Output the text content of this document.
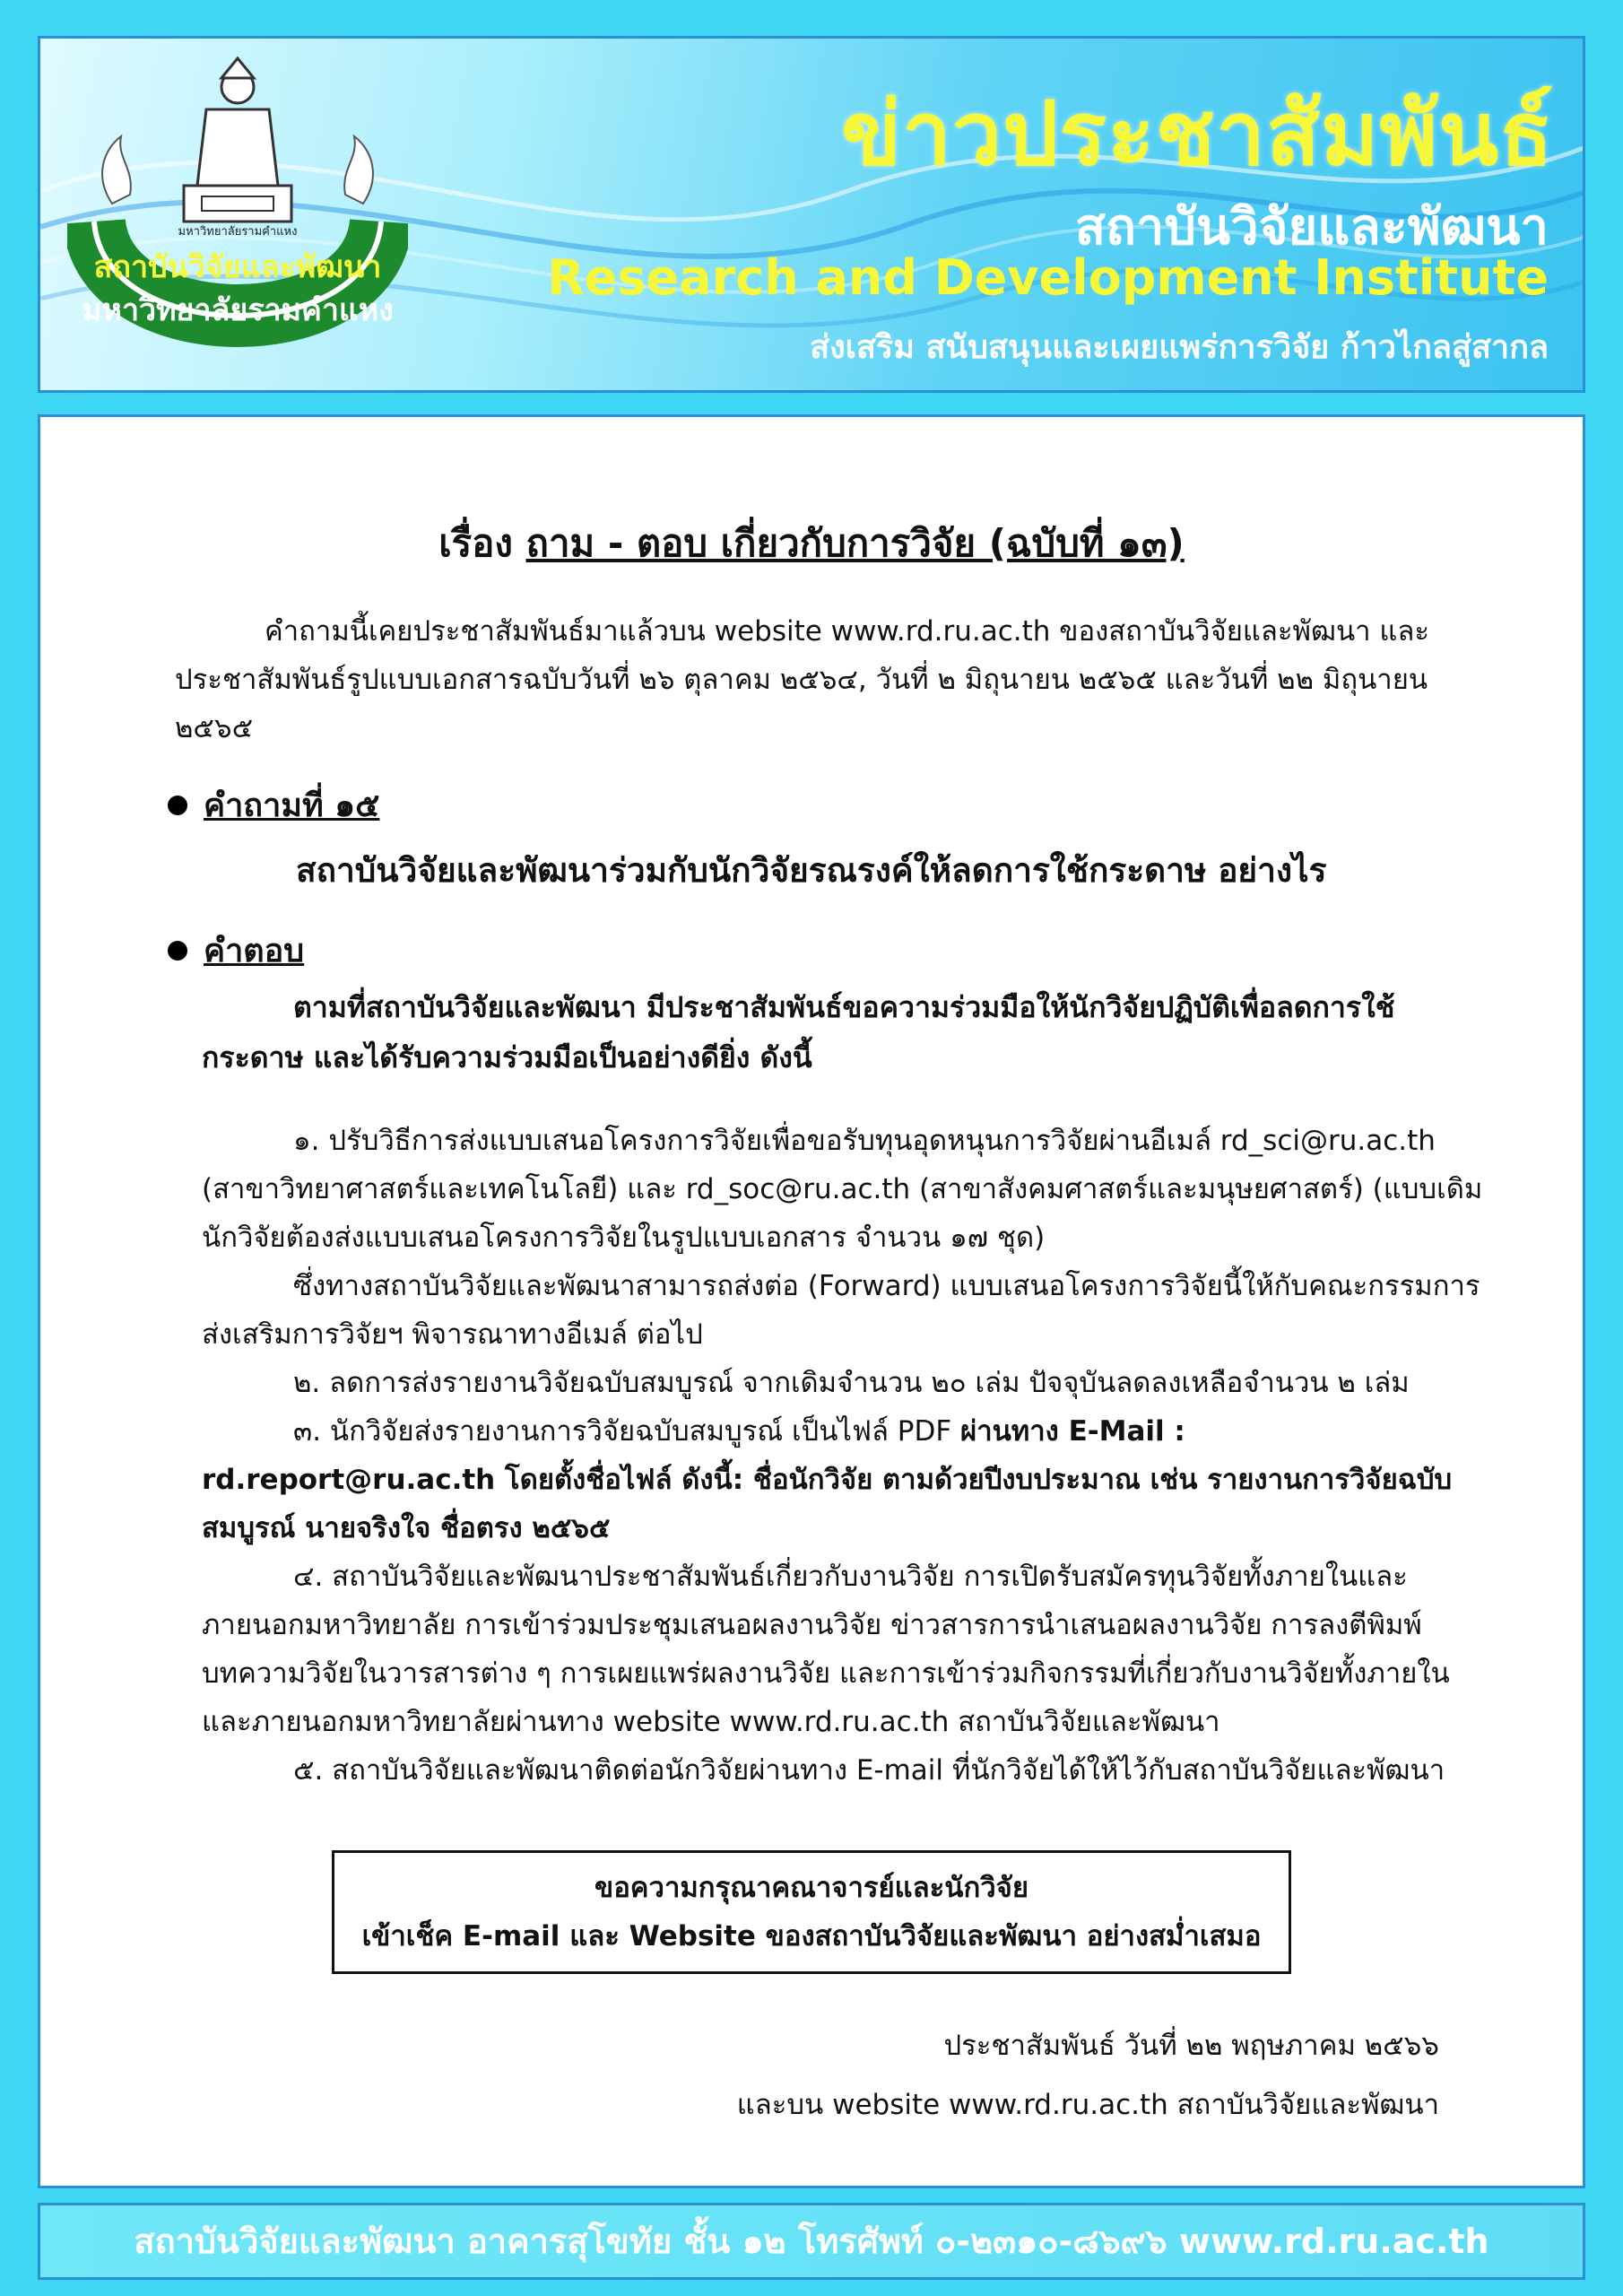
มหาวิทยาลัยรามคำแหง
สถาบันวิจัยและพัฒนา
มหาวิทยาลัยรามคำแหง
ข่าวประชาสัมพันธ์
สถาบันวิจัยและพัฒนา
Research and Development Institute
ส่งเสริม สนับสนุนและเผยแพร่การวิจัย ก้าวไกลสู่สากล
เรื่อง ถาม - ตอบ เกี่ยวกับการวิจัย (ฉบับที่ ๑๓)
คำถามนี้เคยประชาสัมพันธ์มาแล้วบน website www.rd.ru.ac.th ของสถาบันวิจัยและพัฒนา และประชาสัมพันธ์รูปแบบเอกสารฉบับวันที่ ๒๖ ตุลาคม ๒๕๖๔, วันที่ ๒ มิถุนายน ๒๕๖๕ และวันที่ ๒๒ มิถุนายน ๒๕๖๕
คำถามที่ ๑๕
สถาบันวิจัยและพัฒนาร่วมกับนักวิจัยรณรงค์ให้ลดการใช้กระดาษ อย่างไร
คำตอบ
ตามที่สถาบันวิจัยและพัฒนา มีประชาสัมพันธ์ขอความร่วมมือให้นักวิจัยปฏิบัติเพื่อลดการใช้กระดาษ และได้รับความร่วมมือเป็นอย่างดียิ่ง ดังนี้

๑. ปรับวิธีการส่งแบบเสนอโครงการวิจัยเพื่อขอรับทุนอุดหนุนการวิจัยผ่านอีเมล์ rd_sci@ru.ac.th (สาขาวิทยาศาสตร์และเทคโนโลยี) และ rd_soc@ru.ac.th (สาขาสังคมศาสตร์และมนุษยศาสตร์) (แบบเดิมนักวิจัยต้องส่งแบบเสนอโครงการวิจัยในรูปแบบเอกสาร จำนวน ๑๗ ชุด)

ซึ่งทางสถาบันวิจัยและพัฒนาสามารถส่งต่อ (Forward) แบบเสนอโครงการวิจัยนี้ให้กับคณะกรรมการส่งเสริมการวิจัยฯ พิจารณาทางอีเมล์ ต่อไป

๒. ลดการส่งรายงานวิจัยฉบับสมบูรณ์ จากเดิมจำนวน ๒๐ เล่ม ปัจจุบันลดลงเหลือจำนวน ๒ เล่ม

๓. นักวิจัยส่งรายงานการวิจัยฉบับสมบูรณ์ เป็นไฟล์ PDF ผ่านทาง E-Mail : rd.report@ru.ac.th โดยตั้งชื่อไฟล์ ดังนี้: ชื่อนักวิจัย ตามด้วยปีงบประมาณ เช่น รายงานการวิจัยฉบับสมบูรณ์ นายจริงใจ ชื่อตรง ๒๕๖๕

๔. สถาบันวิจัยและพัฒนาประชาสัมพันธ์เกี่ยวกับงานวิจัย การเปิดรับสมัครทุนวิจัยทั้งภายในและภายนอกมหาวิทยาลัย การเข้าร่วมประชุมเสนอผลงานวิจัย ข่าวสารการนำเสนอผลงานวิจัย การลงตีพิมพ์บทความวิจัยในวารสารต่าง ๆ การเผยแพร่ผลงานวิจัย และการเข้าร่วมกิจกรรมที่เกี่ยวกับงานวิจัยทั้งภายในและภายนอกมหาวิทยาลัยผ่านทาง website www.rd.ru.ac.th สถาบันวิจัยและพัฒนา

๕. สถาบันวิจัยและพัฒนาติดต่อนักวิจัยผ่านทาง E-mail ที่นักวิจัยได้ให้ไว้กับสถาบันวิจัยและพัฒนา

ขอความกรุณาคณาจารย์และนักวิจัย
เข้าเช็ค E-mail และ Website ของสถาบันวิจัยและพัฒนา อย่างสม่ำเสมอ
ประชาสัมพันธ์ วันที่ ๒๒ พฤษภาคม ๒๕๖๖
และบน website www.rd.ru.ac.th สถาบันวิจัยและพัฒนา
สถาบันวิจัยและพัฒนา อาคารสุโขทัย ชั้น ๑๒ โทรศัพท์ ๐-๒๓๑๐-๘๖๙๖ www.rd.ru.ac.th
